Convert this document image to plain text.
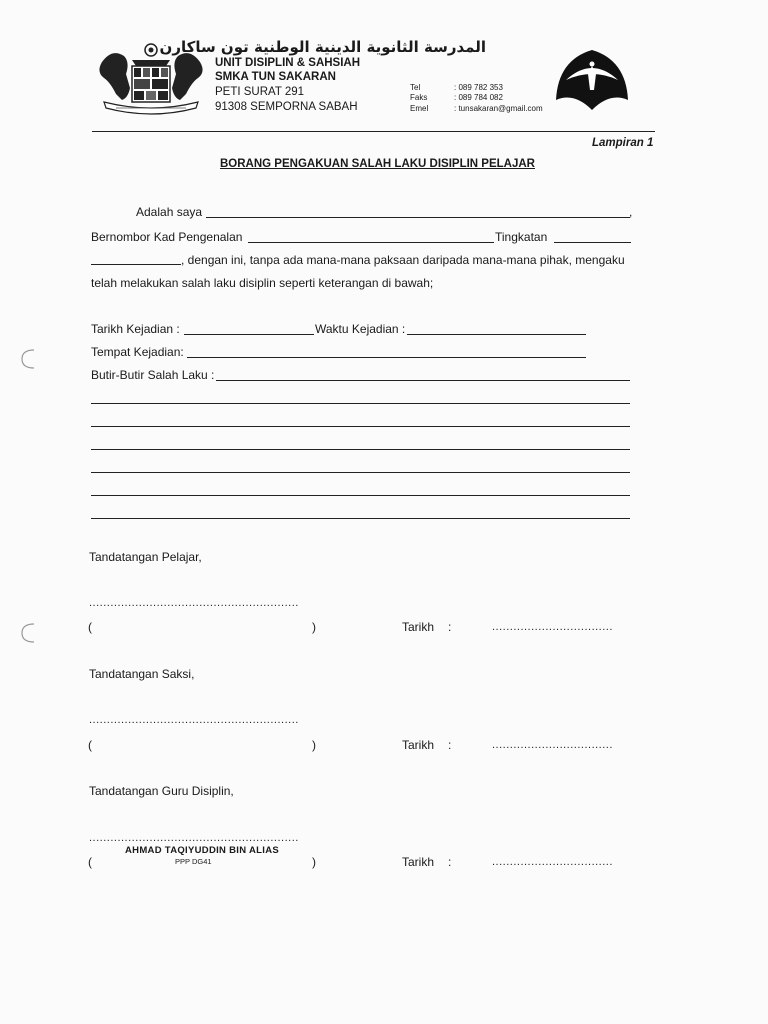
المدرسة الثانوية الدينية الوطنية تون ساكارن
UNIT DISIPLIN & SAHSIAH
SMKA TUN SAKARAN
PETI SURAT 291
91308 SEMPORNA SABAH
Tel	: 089 782 353
Faks	: 089 784 082
Emel	: tunsakaran@gmail.com
Lampiran 1
BORANG PENGAKUAN SALAH LAKU DISIPLIN PELAJAR
Adalah saya	,
Bernombor Kad Pengenalan	Tingkatan
, dengan ini, tanpa ada mana-mana paksaan daripada mana-mana pihak, mengaku
telah melakukan salah laku disiplin seperti keterangan di bawah;
Tarikh Kejadian :	Waktu Kejadian :
Tempat Kejadian:
Butir-Butir Salah Laku :
Tandatangan Pelajar,
...........................................................
(	)	Tarikh :	..................................
Tandatangan Saksi,
...........................................................
(	)	Tarikh :	..................................
Tandatangan Guru Disiplin,
...........................................................
AHMAD TAQIYUDDIN BIN ALIAS
PPP DG41
(	)	Tarikh :	..................................
